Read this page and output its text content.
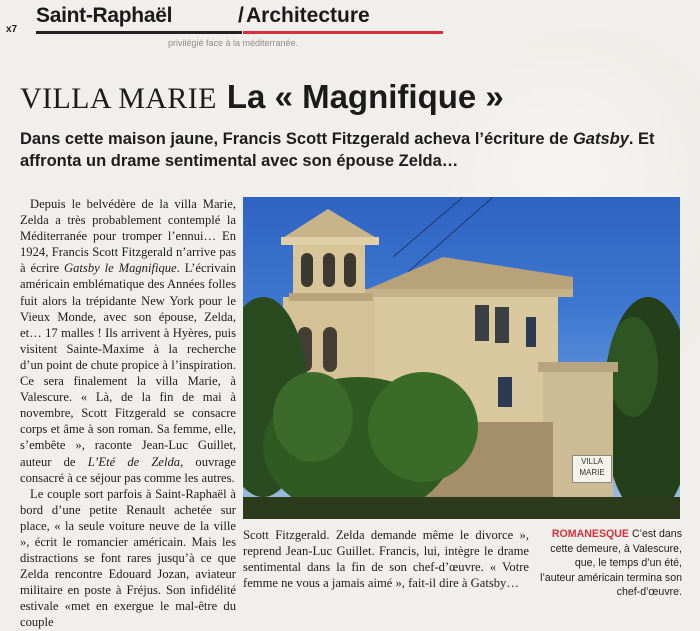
x7
Saint-Raphaël	/ Architecture
privilégié face à la méditerranée.
VILLA MARIE La « Magnifique »
Dans cette maison jaune, Francis Scott Fitzgerald acheva l’écriture de Gatsby. Et affronta un drame sentimental avec son épouse Zelda…

Depuis le belvédère de la villa Marie, Zelda a très probablement contemplé la Méditerranée pour tromper l’ennui… En 1924, Francis Scott Fitzgerald n’arrive pas à écrire Gatsby le Magnifique. L’écrivain américain emblématique des Années folles fuit alors la trépidante New York pour le Vieux Monde, avec son épouse, Zelda, et… 17 malles ! Ils arrivent à Hyères, puis visitent Sainte-Maxime à la recherche d’un point de chute propice à l’inspiration. Ce sera finalement la villa Marie, à Valescure. « Là, de la fin de mai à novembre, Scott Fitzgerald se consacre corps et âme à son roman. Sa femme, elle, s’embête », raconte Jean-Luc Guillet, auteur de L’Eté de Zelda, ouvrage consacré à ce séjour pas comme les autres.

Le couple sort parfois à Saint-Raphaël à bord d’une petite Renault achetée sur place, « la seule voiture neuve de la ville », écrit le romancier américain. Mais les distractions se font rares jusqu’à ce que Zelda rencontre Edouard Jozan, aviateur militaire en poste à Fréjus. Son infidélité estivale «met en exergue le mal-être du couple

VILLA
MARIE

Scott Fitzgerald. Zelda demande même le divorce », reprend Jean-Luc Guillet. Francis, lui, intègre le drame sentimental dans la fin de son chef-d’œuvre. « Votre femme ne vous a jamais aimé », fait-il dire à Gatsby…

ROMANESQUE C’est dans cette demeure, à Valescure, que, le temps d’un été, l’auteur américain termina son chef-d’œuvre.
